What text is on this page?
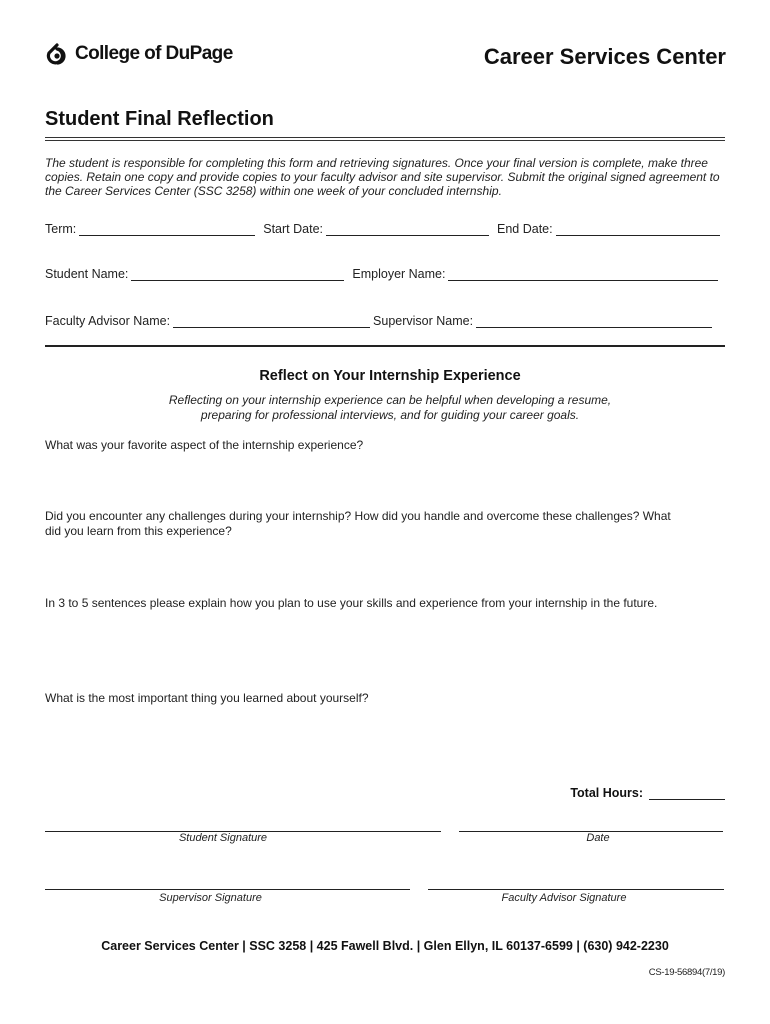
College of DuPage	Career Services Center
Student Final Reflection
The student is responsible for completing this form and retrieving signatures. Once your final version is complete, make three copies. Retain one copy and provide copies to your faculty advisor and site supervisor. Submit the original signed agreement to the Career Services Center (SSC 3258) within one week of your concluded internship.
Term:	Start Date:	End Date:
Student Name:	Employer Name:
Faculty Advisor Name:	Supervisor Name:
Reflect on Your Internship Experience
Reflecting on your internship experience can be helpful when developing a resume,
preparing for professional interviews, and for guiding your career goals.
What was your favorite aspect of the internship experience?
Did you encounter any challenges during your internship? How did you handle and overcome these challenges? What did you learn from this experience?
In 3 to 5 sentences please explain how you plan to use your skills and experience from your internship in the future.
What is the most important thing you learned about yourself?
Total Hours:
Student Signature	Date
Supervisor Signature	Faculty Advisor Signature
Career Services Center | SSC 3258 | 425 Fawell Blvd. | Glen Ellyn, IL 60137-6599 | (630) 942-2230
CS-19-56894(7/19)
